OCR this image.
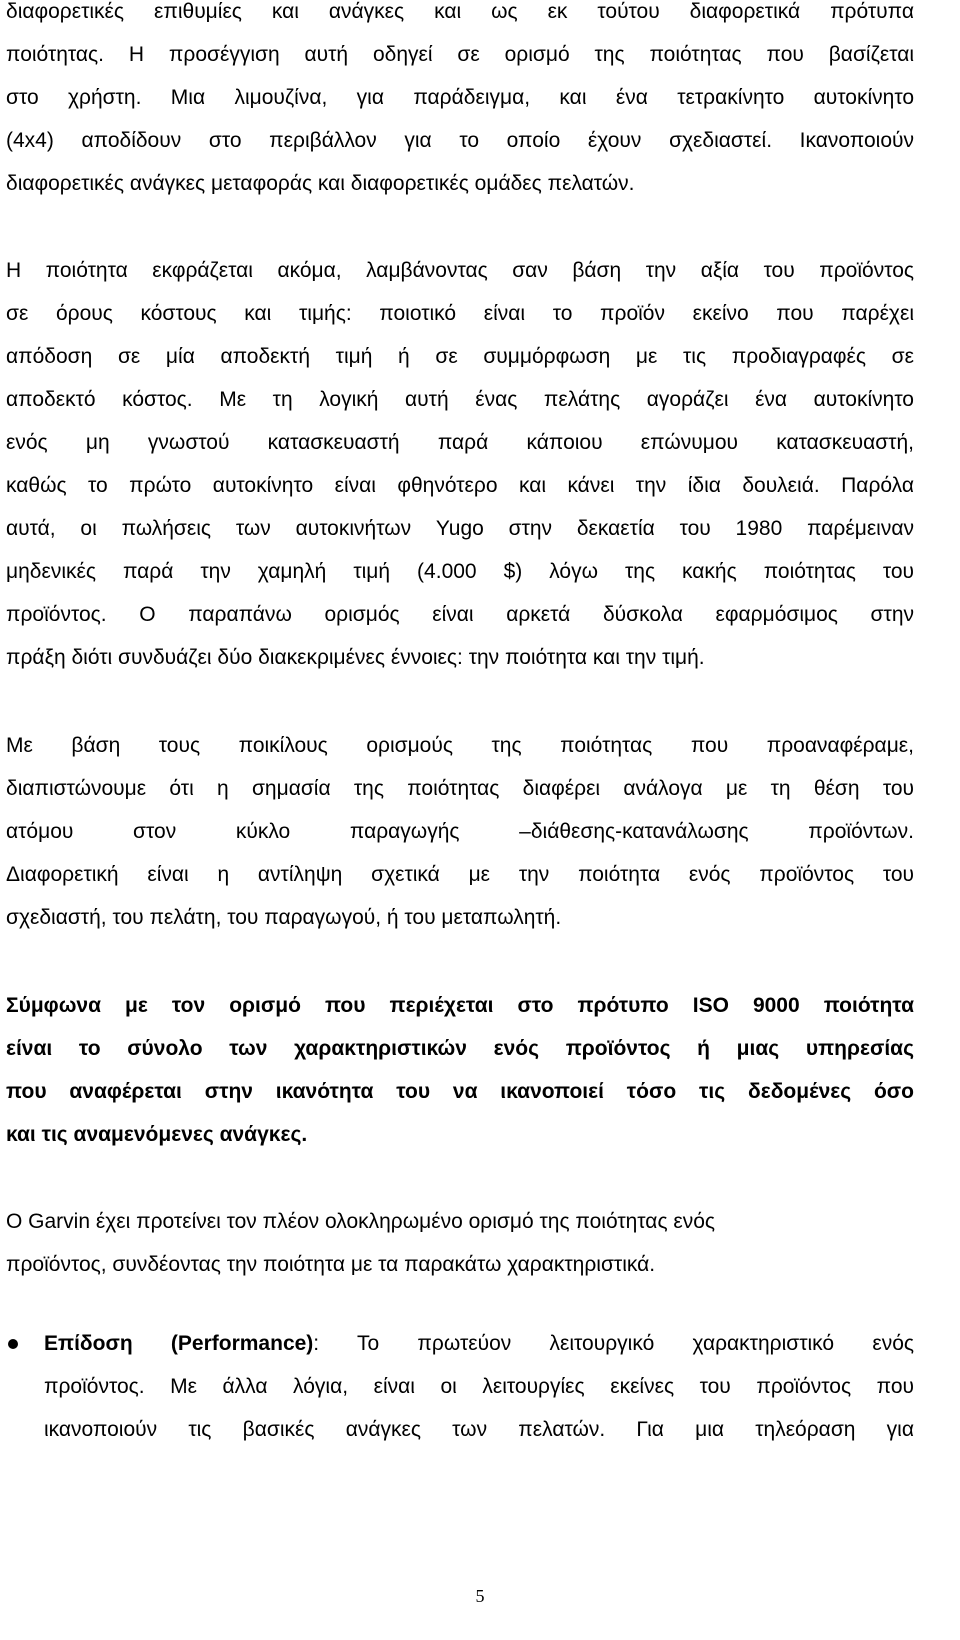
διαφορετικές επιθυμίες και ανάγκες και ως εκ τούτου διαφορετικά πρότυπα
ποιότητας. Η προσέγγιση αυτή οδηγεί σε ορισμό της ποιότητας που βασίζεται
στο χρήστη. Μια λιμουζίνα, για παράδειγμα, και ένα τετρακίνητο αυτοκίνητο
(4x4) αποδίδουν στο περιβάλλον για το οποίο έχουν σχεδιαστεί. Ικανοποιούν
διαφορετικές ανάγκες μεταφοράς και διαφορετικές ομάδες πελατών.
Η ποιότητα εκφράζεται ακόμα, λαμβάνοντας σαν βάση την αξία του προϊόντος
σε όρους κόστους και τιμής: ποιοτικό είναι το προϊόν εκείνο που παρέχει
απόδοση σε μία αποδεκτή τιμή ή σε συμμόρφωση με τις προδιαγραφές σε
αποδεκτό κόστος. Με τη λογική αυτή ένας πελάτης αγοράζει ένα αυτοκίνητο
ενός μη γνωστού κατασκευαστή παρά κάποιου επώνυμου κατασκευαστή,
καθώς το πρώτο αυτοκίνητο είναι φθηνότερο και κάνει την ίδια δουλειά. Παρόλα
αυτά, οι πωλήσεις των αυτοκινήτων Yugo στην δεκαετία του 1980 παρέμειναν
μηδενικές παρά την χαμηλή τιμή (4.000 $) λόγω της κακής ποιότητας του
προϊόντος. Ο παραπάνω ορισμός είναι αρκετά δύσκολα εφαρμόσιμος στην
πράξη διότι συνδυάζει δύο διακεκριμένες έννοιες: την ποιότητα και την τιμή.
Με βάση τους ποικίλους ορισμούς της ποιότητας που προαναφέραμε,
διαπιστώνουμε ότι η σημασία της ποιότητας διαφέρει ανάλογα με τη θέση του
ατόμου στον κύκλο παραγωγής –διάθεσης-κατανάλωσης προϊόντων.
Διαφορετική είναι η αντίληψη σχετικά με την ποιότητα ενός προϊόντος του
σχεδιαστή, του πελάτη, του παραγωγού, ή του μεταπωλητή.
Σύμφωνα με τον ορισμό που περιέχεται στο πρότυπο ISO 9000 ποιότητα
είναι το σύνολο των χαρακτηριστικών ενός προϊόντος ή μιας υπηρεσίας
που αναφέρεται στην ικανότητα του να ικανοποιεί τόσο τις δεδομένες όσο
και τις αναμενόμενες ανάγκες.
Ο Garvin έχει προτείνει τον πλέον ολοκληρωμένο ορισμό της ποιότητας ενός
προϊόντος, συνδέοντας την ποιότητα με τα παρακάτω χαρακτηριστικά.
Επίδοση (Performance): Το πρωτεύον λειτουργικό χαρακτηριστικό ενός
προϊόντος. Με άλλα λόγια, είναι οι λειτουργίες εκείνες του προϊόντος που
ικανοποιούν τις βασικές ανάγκες των πελατών. Για μια τηλεόραση για
5
